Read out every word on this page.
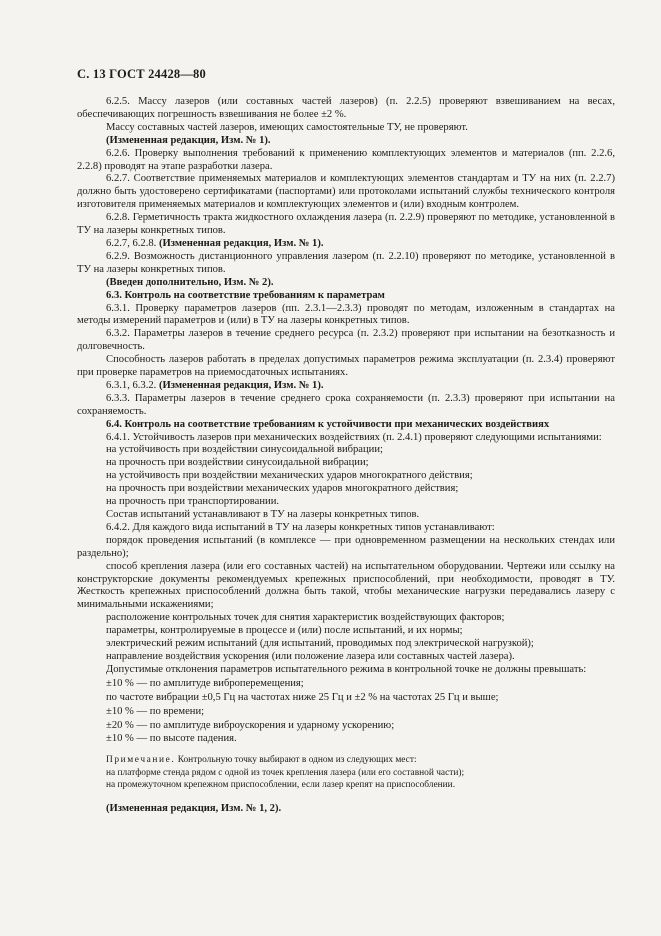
С. 13 ГОСТ 24428—80

6.2.5. Массу лазеров (или составных частей лазеров) (п. 2.2.5) проверяют взвешиванием на весах, обеспечивающих погрешность взвешивания не более ±2 %.

Массу составных частей лазеров, имеющих самостоятельные ТУ, не проверяют.

(Измененная редакция, Изм. № 1).

6.2.6. Проверку выполнения требований к применению комплектующих элементов и материалов (пп. 2.2.6, 2.2.8) проводят на этапе разработки лазера.

6.2.7. Соответствие применяемых материалов и комплектующих элементов стандартам и ТУ на них (п. 2.2.7) должно быть удостоверено сертификатами (паспортами) или протоколами испытаний службы технического контроля изготовителя применяемых материалов и комплектующих элементов и (или) входным контролем.

6.2.8. Герметичность тракта жидкостного охлаждения лазера (п. 2.2.9) проверяют по методике, установленной в ТУ на лазеры конкретных типов.

6.2.7, 6.2.8. (Измененная редакция, Изм. № 1).

6.2.9. Возможность дистанционного управления лазером (п. 2.2.10) проверяют по методике, установленной в ТУ на лазеры конкретных типов.

(Введен дополнительно, Изм. № 2).

6.3. Контроль на соответствие требованиям к параметрам

6.3.1. Проверку параметров лазеров (пп. 2.3.1—2.3.3) проводят по методам, изложенным в стандартах на методы измерений параметров и (или) в ТУ на лазеры конкретных типов.

6.3.2. Параметры лазеров в течение среднего ресурса (п. 2.3.2) проверяют при испытании на безотказность и долговечность.

Способность лазеров работать в пределах допустимых параметров режима эксплуатации (п. 2.3.4) проверяют при проверке параметров на приемосдаточных испытаниях.

6.3.1, 6.3.2. (Измененная редакция, Изм. № 1).

6.3.3. Параметры лазеров в течение среднего срока сохраняемости (п. 2.3.3) проверяют при испытании на сохраняемость.

6.4. Контроль на соответствие требованиям к устойчивости при механических воздействиях

6.4.1. Устойчивость лазеров при механических воздействиях (п. 2.4.1) проверяют следующими испытаниями:

на устойчивость при воздействии синусоидальной вибрации;

на прочность при воздействии синусоидальной вибрации;

на устойчивость при воздействии механических ударов многократного действия;

на прочность при воздействии механических ударов многократного действия;

на прочность при транспортировании.

Состав испытаний устанавливают в ТУ на лазеры конкретных типов.

6.4.2. Для каждого вида испытаний в ТУ на лазеры конкретных типов устанавливают:

порядок проведения испытаний (в комплексе — при одновременном размещении на нескольких стендах или раздельно);

способ крепления лазера (или его составных частей) на испытательном оборудовании. Чертежи или ссылку на конструкторские документы рекомендуемых крепежных приспособлений, при необходимости, проводят в ТУ. Жесткость крепежных приспособлений должна быть такой, чтобы механические нагрузки передавались лазеру с минимальными искажениями;

расположение контрольных точек для снятия характеристик воздействующих факторов;

параметры, контролируемые в процессе и (или) после испытаний, и их нормы;

электрический режим испытаний (для испытаний, проводимых под электрической нагрузкой);

направление воздействия ускорения (или положение лазера или составных частей лазера).

Допустимые отклонения параметров испытательного режима в контрольной точке не должны превышать:

±10 % — по амплитуде виброперемещения;

по частоте вибрации ±0,5 Гц на частотах ниже 25 Гц и ±2 % на частотах 25 Гц и выше;

±10 % — по времени;

±20 % — по амплитуде виброускорения и ударному ускорению;

±10 % — по высоте падения.

Примечание. Контрольную точку выбирают в одном из следующих мест:

на платформе стенда рядом с одной из точек крепления лазера (или его составной части);

на промежуточном крепежном приспособлении, если лазер крепят на приспособлении.

(Измененная редакция, Изм. № 1, 2).
